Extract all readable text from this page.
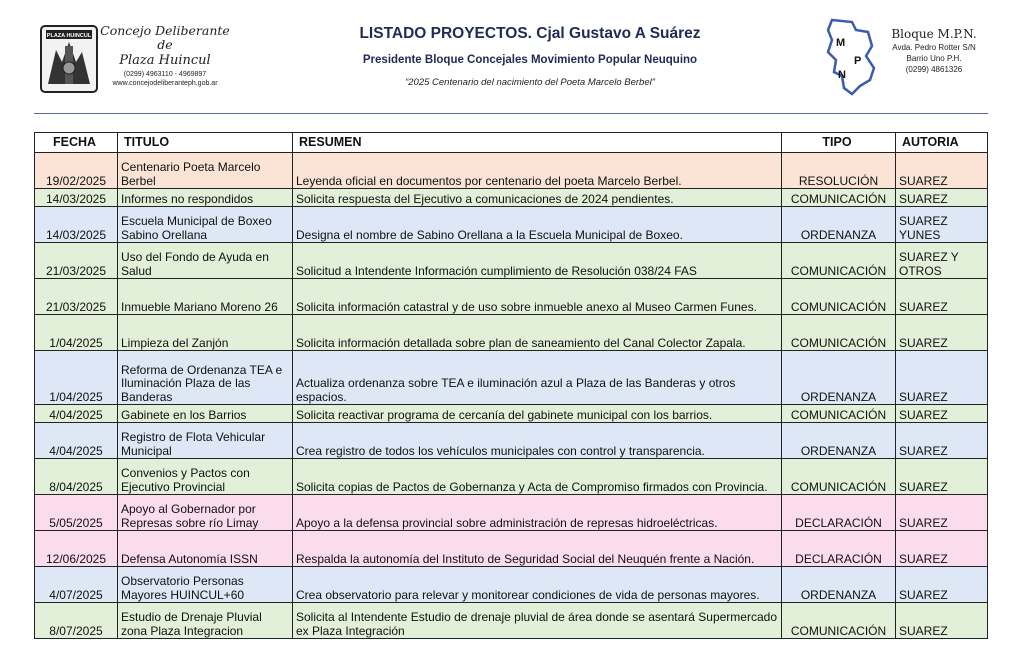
PLAZA HUINCUL Concejo Deliberante de
Plaza Huincul
(0299) 4963110 - 4969897
www.concejodeliberanteph.gob.ar
LISTADO PROYECTOS. Cjal Gustavo A Suárez
Presidente Bloque Concejales Movimiento Popular Neuquino
“2025 Centenario del nacimiento del Poeta Marcelo Berbel”
M
P
N
Bloque M.P.N.
Avda. Pedro Rotter S/N
Barrio Uno P.H.
(0299) 4861326
FECHA	TITULO	RESUMEN	TIPO	AUTORIA
19/02/2025	Centenario Poeta Marcelo Berbel	Leyenda oficial en documentos por centenario del poeta Marcelo Berbel.	RESOLUCIÓN	SUAREZ
14/03/2025	Informes no respondidos	Solicita respuesta del Ejecutivo a comunicaciones de 2024 pendientes.	COMUNICACIÓN	SUAREZ
14/03/2025	Escuela Municipal de Boxeo Sabino Orellana	Designa el nombre de Sabino Orellana a la Escuela Municipal de Boxeo.	ORDENANZA	SUAREZ YUNES
21/03/2025	Uso del Fondo de Ayuda en Salud	Solicitud a Intendente Información cumplimiento de Resolución 038/24 FAS	COMUNICACIÓN	SUAREZ Y OTROS
21/03/2025	Inmueble Mariano Moreno 26	Solicita información catastral y de uso sobre inmueble anexo al Museo Carmen Funes.	COMUNICACIÓN	SUAREZ
1/04/2025	Limpieza del Zanjón	Solicita información detallada sobre plan de saneamiento del Canal Colector Zapala.	COMUNICACIÓN	SUAREZ
1/04/2025	Reforma de Ordenanza TEA e Iluminación Plaza de las Banderas	Actualiza ordenanza sobre TEA e iluminación azul a Plaza de las Banderas y otros espacios.	ORDENANZA	SUAREZ
4/04/2025	Gabinete en los Barrios	Solicita reactivar programa de cercanía del gabinete municipal con los barrios.	COMUNICACIÓN	SUAREZ
4/04/2025	Registro de Flota Vehicular Municipal	Crea registro de todos los vehículos municipales con control y transparencia.	ORDENANZA	SUAREZ
8/04/2025	Convenios y Pactos con Ejecutivo Provincial	Solicita copias de Pactos de Gobernanza y Acta de Compromiso firmados con Provincia.	COMUNICACIÓN	SUAREZ
5/05/2025	Apoyo al Gobernador por Represas sobre río Limay	Apoyo a la defensa provincial sobre administración de represas hidroeléctricas.	DECLARACIÓN	SUAREZ
12/06/2025	Defensa Autonomía ISSN	Respalda la autonomía del Instituto de Seguridad Social del Neuquén frente a Nación.	DECLARACIÓN	SUAREZ
4/07/2025	Observatorio Personas Mayores HUINCUL+60	Crea observatorio para relevar y monitorear condiciones de vida de personas mayores.	ORDENANZA	SUAREZ
8/07/2025	Estudio de Drenaje Pluvial zona Plaza Integracion	Solicita al Intendente Estudio de drenaje pluvial de área donde se asentará Supermercado ex Plaza Integración	COMUNICACIÓN	SUAREZ
